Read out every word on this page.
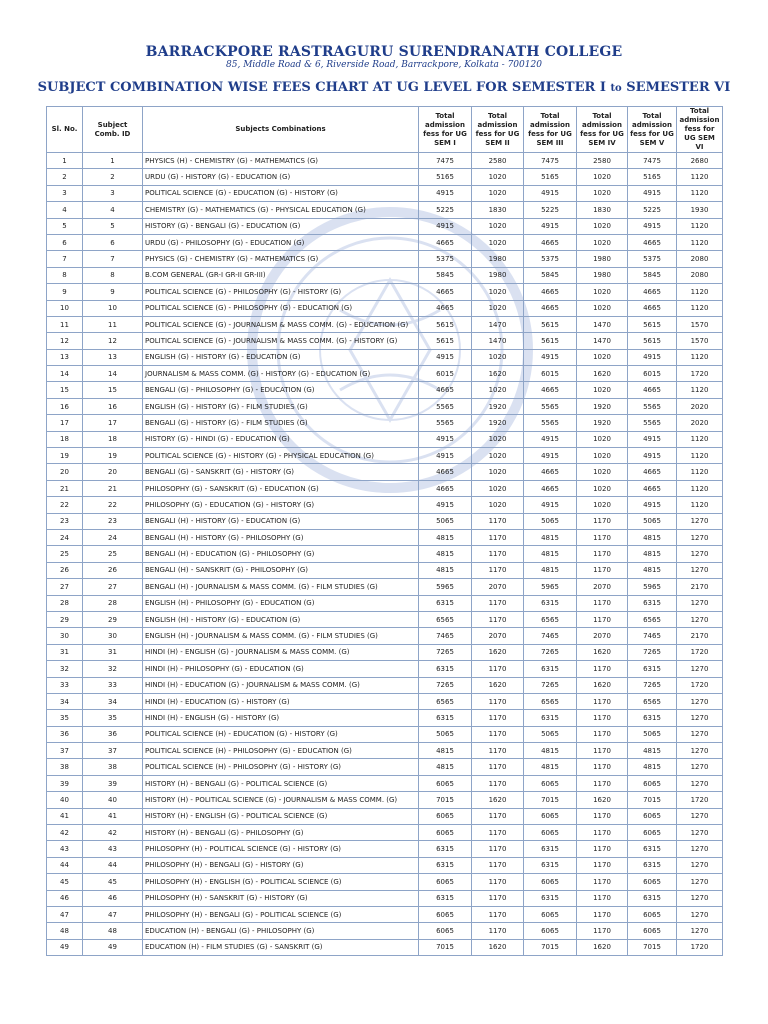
BARRACKPORE RASTRAGURU SURENDRANATH COLLEGE
85, Middle Road & 6, Riverside Road, Barrackpore, Kolkata - 700120
SUBJECT COMBINATION WISE FEES CHART AT UG LEVEL FOR SEMESTER I to SEMESTER VI
Sl. No.	Subject Comb. ID	Subjects Combinations	Total admission fess for UG SEM I	Total admission fess for UG SEM II	Total admission fess for UG SEM III	Total admission fess for UG SEM IV	Total admission fess for UG SEM V	Total admission fess for UG SEM VI
1	1	PHYSICS (H) - CHEMISTRY (G) - MATHEMATICS (G)	7475	2580	7475	2580	7475	2680
2	2	URDU (G) - HISTORY (G) - EDUCATION (G)	5165	1020	5165	1020	5165	1120
3	3	POLITICAL SCIENCE (G) - EDUCATION (G) - HISTORY (G)	4915	1020	4915	1020	4915	1120
4	4	CHEMISTRY (G) - MATHEMATICS (G) - PHYSICAL EDUCATION (G)	5225	1830	5225	1830	5225	1930
5	5	HISTORY (G) - BENGALI (G) - EDUCATION (G)	4915	1020	4915	1020	4915	1120
6	6	URDU (G) - PHILOSOPHY (G) - EDUCATION (G)	4665	1020	4665	1020	4665	1120
7	7	PHYSICS (G) - CHEMISTRY (G) - MATHEMATICS (G)	5375	1980	5375	1980	5375	2080
8	8	B.COM GENERAL (GR-I GR-II GR-III)	5845	1980	5845	1980	5845	2080
9	9	POLITICAL SCIENCE (G) - PHILOSOPHY (G) - HISTORY (G)	4665	1020	4665	1020	4665	1120
10	10	POLITICAL SCIENCE (G) - PHILOSOPHY (G) - EDUCATION (G)	4665	1020	4665	1020	4665	1120
11	11	POLITICAL SCIENCE (G) - JOURNALISM & MASS COMM. (G) - EDUCATION (G)	5615	1470	5615	1470	5615	1570
12	12	POLITICAL SCIENCE (G) - JOURNALISM & MASS COMM. (G) - HISTORY (G)	5615	1470	5615	1470	5615	1570
13	13	ENGLISH (G) - HISTORY (G) - EDUCATION (G)	4915	1020	4915	1020	4915	1120
14	14	JOURNALISM & MASS COMM. (G) - HISTORY (G) - EDUCATION (G)	6015	1620	6015	1620	6015	1720
15	15	BENGALI (G) - PHILOSOPHY (G) - EDUCATION (G)	4665	1020	4665	1020	4665	1120
16	16	ENGLISH (G) - HISTORY (G) - FILM STUDIES (G)	5565	1920	5565	1920	5565	2020
17	17	BENGALI (G) - HISTORY (G) - FILM STUDIES (G)	5565	1920	5565	1920	5565	2020
18	18	HISTORY (G) - HINDI (G) - EDUCATION (G)	4915	1020	4915	1020	4915	1120
19	19	POLITICAL SCIENCE (G) - HISTORY (G) - PHYSICAL EDUCATION (G)	4915	1020	4915	1020	4915	1120
20	20	BENGALI (G) - SANSKRIT (G) - HISTORY (G)	4665	1020	4665	1020	4665	1120
21	21	PHILOSOPHY (G) - SANSKRIT (G) - EDUCATION (G)	4665	1020	4665	1020	4665	1120
22	22	PHILOSOPHY (G) - EDUCATION (G) - HISTORY (G)	4915	1020	4915	1020	4915	1120
23	23	BENGALI (H) - HISTORY (G) - EDUCATION (G)	5065	1170	5065	1170	5065	1270
24	24	BENGALI (H) - HISTORY (G) - PHILOSOPHY (G)	4815	1170	4815	1170	4815	1270
25	25	BENGALI (H) - EDUCATION (G) - PHILOSOPHY (G)	4815	1170	4815	1170	4815	1270
26	26	BENGALI (H) - SANSKRIT (G) - PHILOSOPHY (G)	4815	1170	4815	1170	4815	1270
27	27	BENGALI (H) - JOURNALISM & MASS COMM. (G) - FILM STUDIES (G)	5965	2070	5965	2070	5965	2170
28	28	ENGLISH (H) - PHILOSOPHY (G) - EDUCATION (G)	6315	1170	6315	1170	6315	1270
29	29	ENGLISH (H) - HISTORY (G) - EDUCATION (G)	6565	1170	6565	1170	6565	1270
30	30	ENGLISH (H) - JOURNALISM & MASS COMM. (G) - FILM STUDIES (G)	7465	2070	7465	2070	7465	2170
31	31	HINDI (H) - ENGLISH (G) - JOURNALISM & MASS COMM. (G)	7265	1620	7265	1620	7265	1720
32	32	HINDI (H) - PHILOSOPHY (G) - EDUCATION (G)	6315	1170	6315	1170	6315	1270
33	33	HINDI (H) - EDUCATION (G) - JOURNALISM & MASS COMM. (G)	7265	1620	7265	1620	7265	1720
34	34	HINDI (H) - EDUCATION (G) - HISTORY (G)	6565	1170	6565	1170	6565	1270
35	35	HINDI (H) - ENGLISH (G) - HISTORY (G)	6315	1170	6315	1170	6315	1270
36	36	POLITICAL SCIENCE (H) - EDUCATION (G) - HISTORY (G)	5065	1170	5065	1170	5065	1270
37	37	POLITICAL SCIENCE (H) - PHILOSOPHY (G) - EDUCATION (G)	4815	1170	4815	1170	4815	1270
38	38	POLITICAL SCIENCE (H) - PHILOSOPHY (G) - HISTORY (G)	4815	1170	4815	1170	4815	1270
39	39	HISTORY (H) - BENGALI (G) - POLITICAL SCIENCE (G)	6065	1170	6065	1170	6065	1270
40	40	HISTORY (H) - POLITICAL SCIENCE (G) - JOURNALISM & MASS COMM. (G)	7015	1620	7015	1620	7015	1720
41	41	HISTORY (H) - ENGLISH (G) - POLITICAL SCIENCE (G)	6065	1170	6065	1170	6065	1270
42	42	HISTORY (H) - BENGALI (G) - PHILOSOPHY (G)	6065	1170	6065	1170	6065	1270
43	43	PHILOSOPHY (H) - POLITICAL SCIENCE (G) - HISTORY (G)	6315	1170	6315	1170	6315	1270
44	44	PHILOSOPHY (H) - BENGALI (G) - HISTORY (G)	6315	1170	6315	1170	6315	1270
45	45	PHILOSOPHY (H) - ENGLISH (G) - POLITICAL SCIENCE (G)	6065	1170	6065	1170	6065	1270
46	46	PHILOSOPHY (H) - SANSKRIT (G) - HISTORY (G)	6315	1170	6315	1170	6315	1270
47	47	PHILOSOPHY (H) - BENGALI (G) - POLITICAL SCIENCE (G)	6065	1170	6065	1170	6065	1270
48	48	EDUCATION (H) - BENGALI (G) - PHILOSOPHY (G)	6065	1170	6065	1170	6065	1270
49	49	EDUCATION (H) - FILM STUDIES (G) - SANSKRIT (G)	7015	1620	7015	1620	7015	1720
